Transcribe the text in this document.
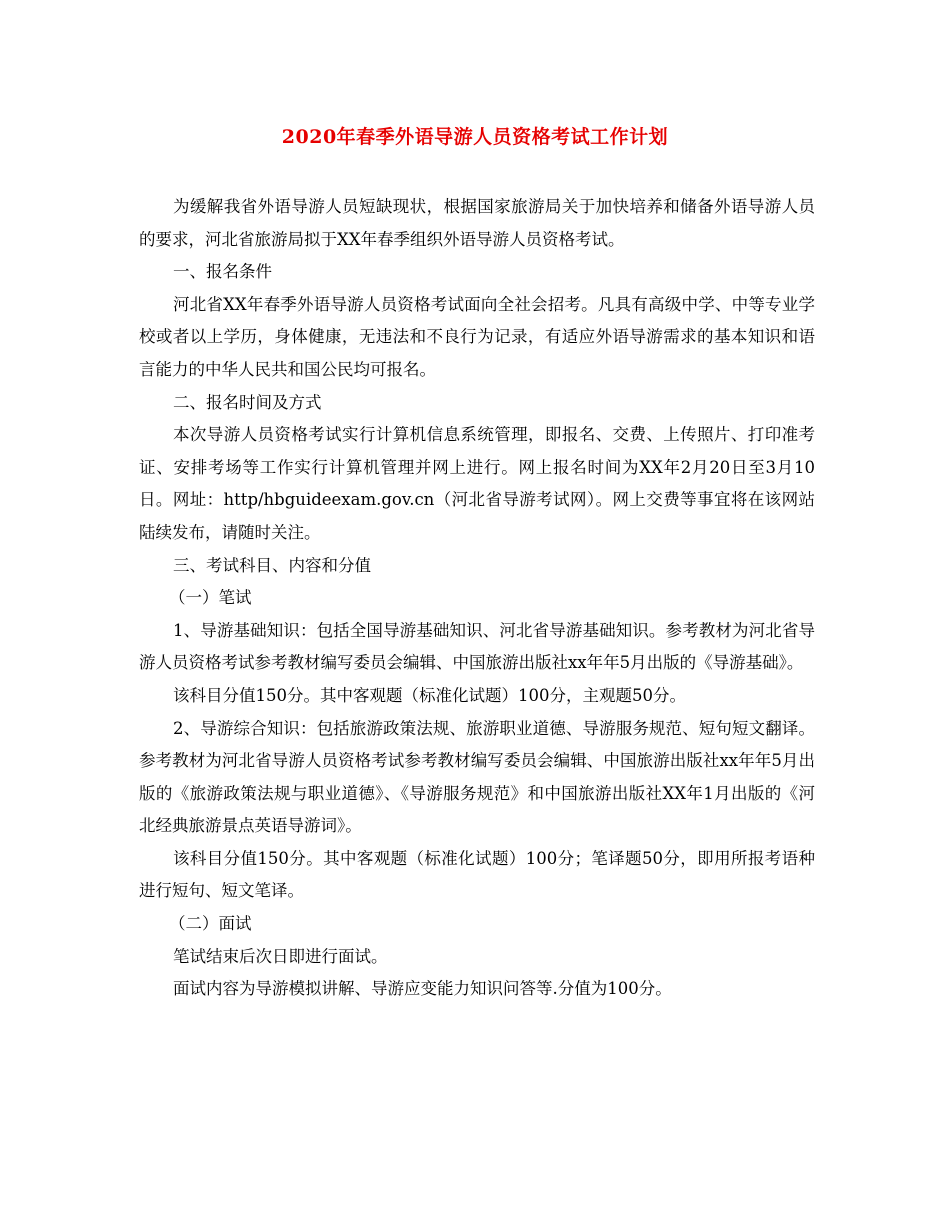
2020年春季外语导游人员资格考试工作计划

为缓解我省外语导游人员短缺现状，根据国家旅游局关于加快培养和储备外语导游人员的要求，河北省旅游局拟于XX年春季组织外语导游人员资格考试。

一、报名条件

河北省XX年春季外语导游人员资格考试面向全社会招考。凡具有高级中学、中等专业学校或者以上学历，身体健康，无违法和不良行为记录，有适应外语导游需求的基本知识和语言能力的中华人民共和国公民均可报名。

二、报名时间及方式

本次导游人员资格考试实行计算机信息系统管理，即报名、交费、上传照片、打印准考证、安排考场等工作实行计算机管理并网上进行。网上报名时间为XX年2月20日至3月10日。网址：http/hbguideexam.gov.cn（河北省导游考试网）。网上交费等事宜将在该网站陆续发布，请随时关注。

三、考试科目、内容和分值

（一）笔试

1、导游基础知识：包括全国导游基础知识、河北省导游基础知识。参考教材为河北省导游人员资格考试参考教材编写委员会编辑、中国旅游出版社xx年年5月出版的《导游基础》。

该科目分值150分。其中客观题（标准化试题）100分，主观题50分。

2、导游综合知识：包括旅游政策法规、旅游职业道德、导游服务规范、短句短文翻译。参考教材为河北省导游人员资格考试参考教材编写委员会编辑、中国旅游出版社xx年年5月出版的《旅游政策法规与职业道德》、《导游服务规范》和中国旅游出版社XX年1月出版的《河北经典旅游景点英语导游词》。

该科目分值150分。其中客观题（标准化试题）100分；笔译题50分，即用所报考语种进行短句、短文笔译。

（二）面试

笔试结束后次日即进行面试。

面试内容为导游模拟讲解、导游应变能力知识问答等.分值为100分。
